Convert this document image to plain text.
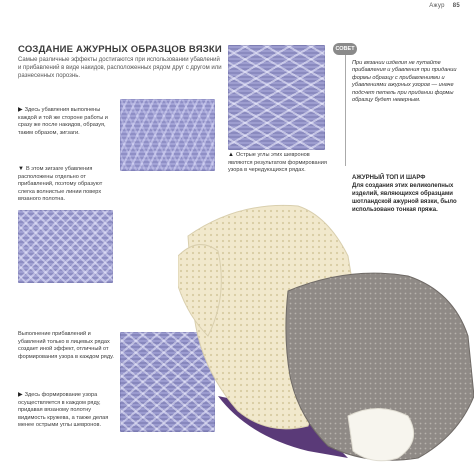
Ажур 85
СОЗДАНИЕ АЖУРНЫХ ОБРАЗЦОВ ВЯЗКИ
Самые различные эффекты достигаются при использовании убавлений и прибавлений в виде накидов, расположенных рядом друг с другом или разнесенных порознь.
▶ Здесь убавления выполнены каждой и той же стороне работы и сразу же после накидов, образуя, таким образом, зигзаги.
▼ В этом зигзаге убавления расположены отдельно от прибавлений, поэтому образуют слегка волнистые линии поверх вязаного полотна.
Выполнение прибавлений и убавлений только в лицевых рядах создает иной эффект, отличный от формирования узора в каждом ряду.
▶ Здесь формирование узора осуществляется в каждом ряду, придавая вязаному полотну видимость кружева, а также делая менее острыми углы шевронов.
▲ Острые углы этих шевронов являются результатом формирования узора в чередующихся рядах.
СОВЕТ
При вязании изделия не путайте прибавления и убавления при придании формы образцу с прибавлениями и убавлениями ажурных узоров — иначе подсчет петель при придании формы образцу будет неверным.
АЖУРНЫЙ ТОП И ШАРФ
Для создания этих великолепных изделий, являющихся образцами шотландской ажурной вязки, было использовано тонкая пряжа.
